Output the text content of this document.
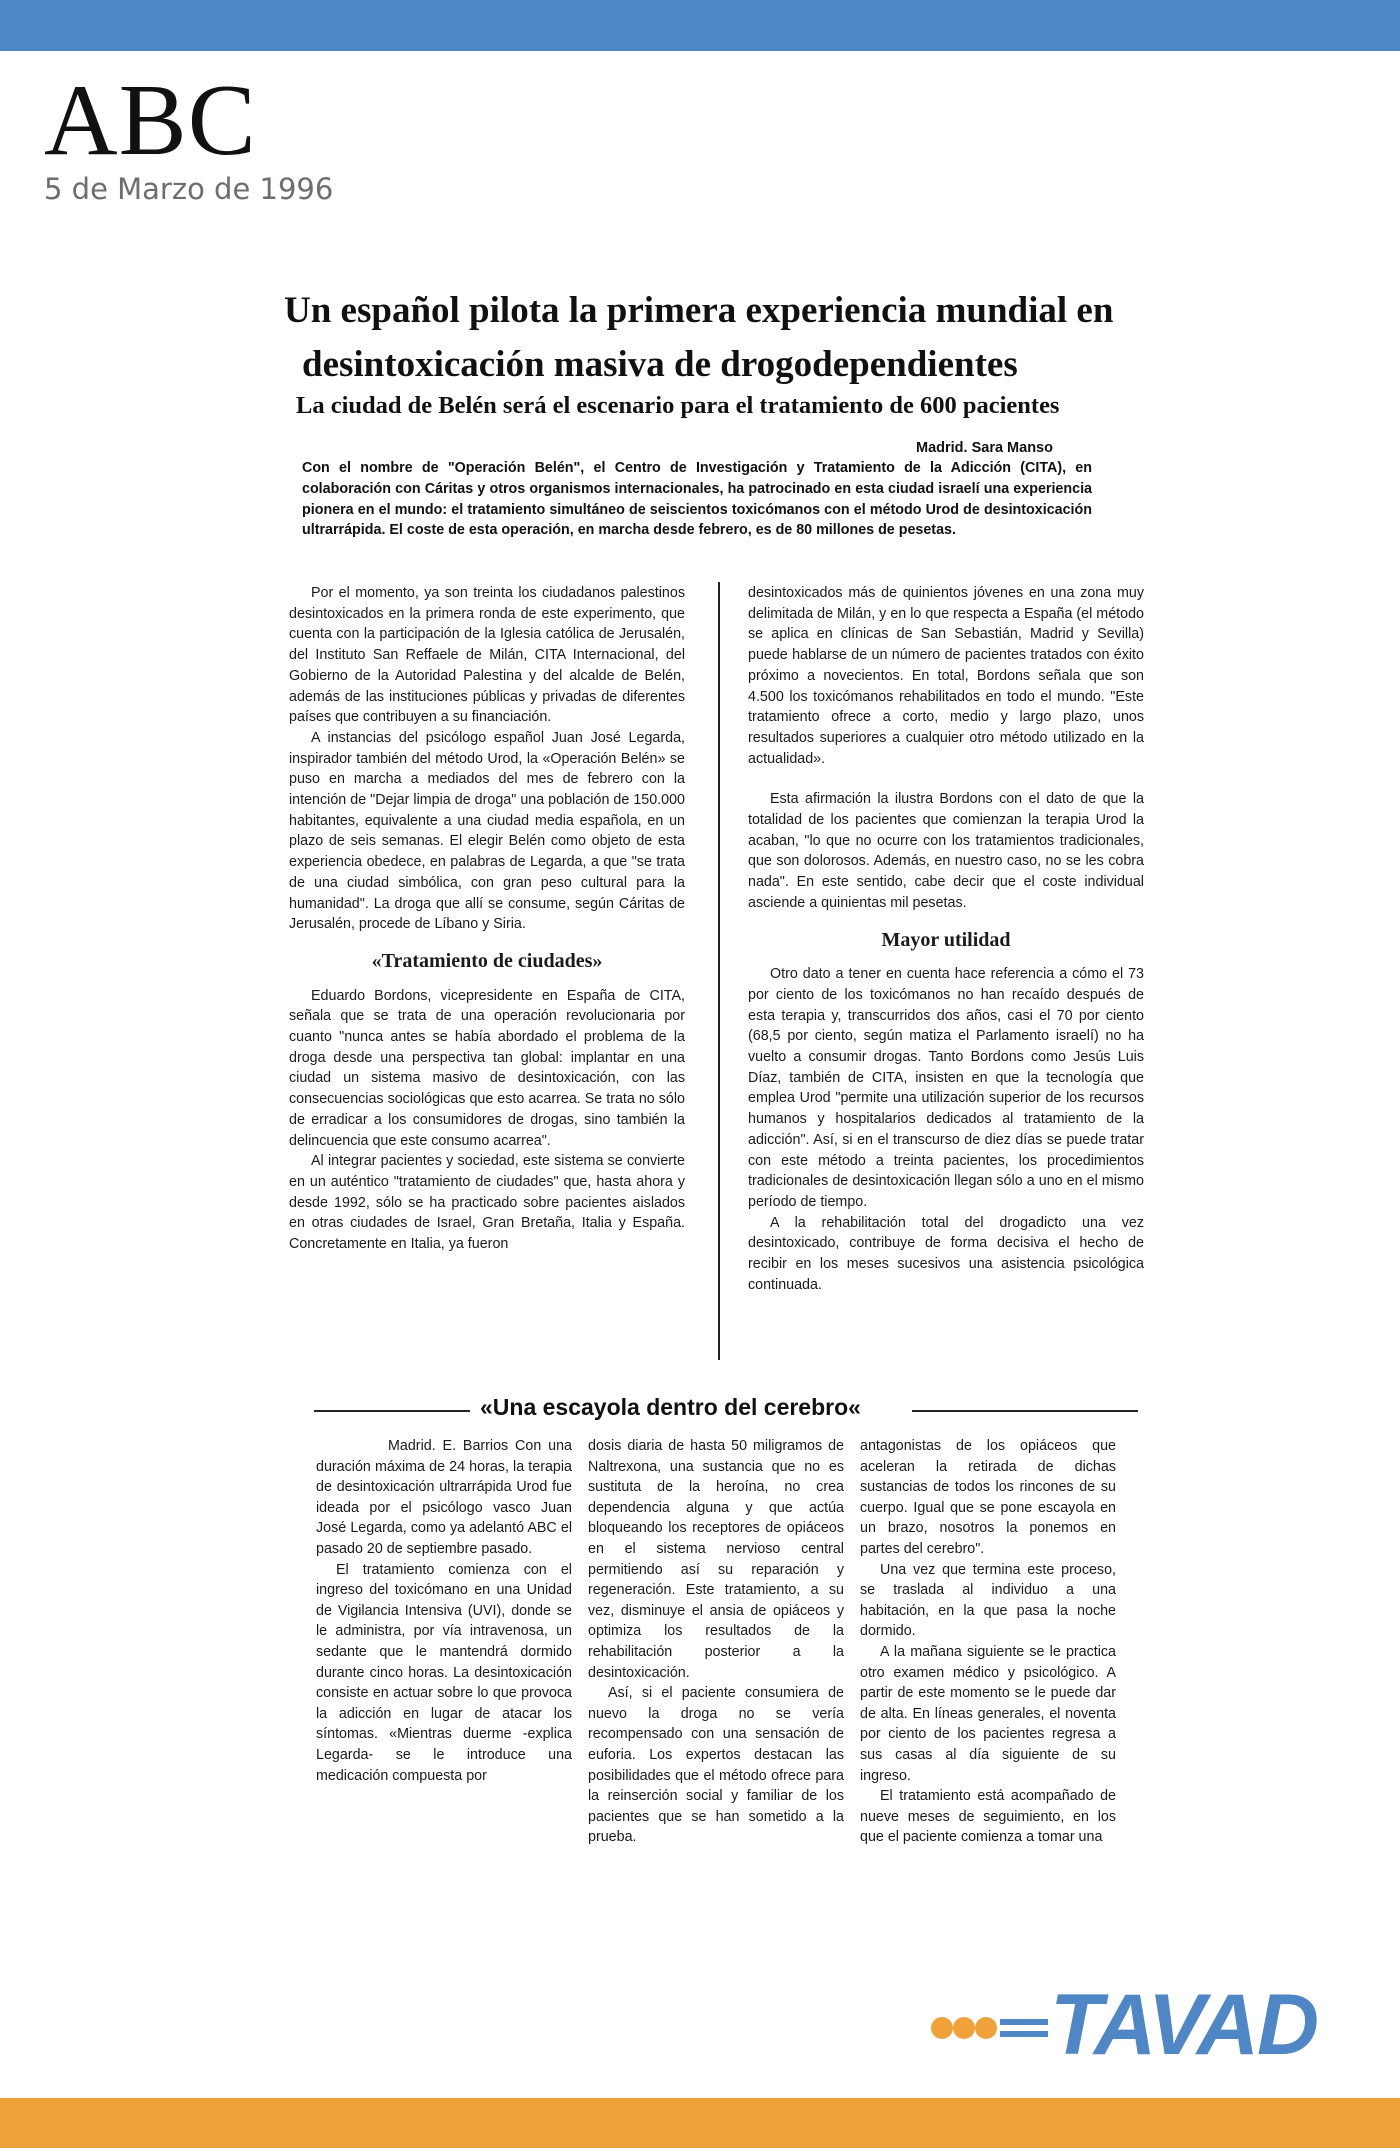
ABC
5 de Marzo de 1996
Un español pilota la primera experiencia mundial en
desintoxicación masiva de drogodependientes
La ciudad de Belén será el escenario para el tratamiento de 600 pacientes
Madrid. Sara Manso

Con el nombre de "Operación Belén", el Centro de Investigación y Tratamiento de la Adicción (CITA), en colaboración con Cáritas y otros organismos internacionales, ha patrocinado en esta ciudad israelí una experiencia pionera en el mundo: el tratamiento simultáneo de seiscientos toxicómanos con el método Urod de desintoxicación ultrarrápida. El coste de esta operación, en marcha desde febrero, es de 80 millones de pesetas.

Por el momento, ya son treinta los ciudadanos palestinos desintoxicados en la primera ronda de este experimento, que cuenta con la participación de la Iglesia católica de Jerusalén, del Instituto San Reffaele de Milán, CITA Internacional, del Gobierno de la Autoridad Palestina y del alcalde de Belén, además de las instituciones públicas y privadas de diferentes países que contribuyen a su financiación.

A instancias del psicólogo español Juan José Legarda, inspirador también del método Urod, la «Operación Belén» se puso en marcha a mediados del mes de febrero con la intención de "Dejar limpia de droga" una población de 150.000 habitantes, equivalente a una ciudad media española, en un plazo de seis semanas. El elegir Belén como objeto de esta experiencia obedece, en palabras de Legarda, a que "se trata de una ciudad simbólica, con gran peso cultural para la humanidad". La droga que allí se consume, según Cáritas de Jerusalén, procede de Líbano y Siria.

«Tratamiento de ciudades»

Eduardo Bordons, vicepresidente en España de CITA, señala que se trata de una operación revolucionaria por cuanto "nunca antes se había abordado el problema de la droga desde una perspectiva tan global: implantar en una ciudad un sistema masivo de desintoxicación, con las consecuencias sociológicas que esto acarrea. Se trata no sólo de erradicar a los consumidores de drogas, sino también la delincuencia que este consumo acarrea".

Al integrar pacientes y sociedad, este sistema se convierte en un auténtico "tratamiento de ciudades" que, hasta ahora y desde 1992, sólo se ha practicado sobre pacientes aislados en otras ciudades de Israel, Gran Bretaña, Italia y España. Concretamente en Italia, ya fueron

desintoxicados más de quinientos jóvenes en una zona muy delimitada de Milán, y en lo que respecta a España (el método se aplica en clínicas de San Sebastián, Madrid y Sevilla) puede hablarse de un número de pacientes tratados con éxito próximo a novecientos. En total, Bordons señala que son 4.500 los toxicómanos rehabilitados en todo el mundo. "Este tratamiento ofrece a corto, medio y largo plazo, unos resultados superiores a cualquier otro método utilizado en la actualidad».

Esta afirmación la ilustra Bordons con el dato de que la totalidad de los pacientes que comienzan la terapia Urod la acaban, "lo que no ocurre con los tratamientos tradicionales, que son dolorosos. Además, en nuestro caso, no se les cobra nada". En este sentido, cabe decir que el coste individual asciende a quinientas mil pesetas.

Mayor utilidad

Otro dato a tener en cuenta hace referencia a cómo el 73 por ciento de los toxicómanos no han recaído después de esta terapia y, transcurridos dos años, casi el 70 por ciento (68,5 por ciento, según matiza el Parlamento israelí) no ha vuelto a consumir drogas. Tanto Bordons como Jesús Luis Díaz, también de CITA, insisten en que la tecnología que emplea Urod "permite una utilización superior de los recursos humanos y hospitalarios dedicados al tratamiento de la adicción". Así, si en el transcurso de diez días se puede tratar con este método a treinta pacientes, los procedimientos tradicionales de desintoxicación llegan sólo a uno en el mismo período de tiempo.

A la rehabilitación total del drogadicto una vez desintoxicado, contribuye de forma decisiva el hecho de recibir en los meses sucesivos una asistencia psicológica continuada.

«Una escayola dentro del cerebro«

Madrid. E. Barrios Con una duración máxima de 24 horas, la terapia de desintoxicación ultrarrápida Urod fue ideada por el psicólogo vasco Juan José Legarda, como ya adelantó ABC el pasado 20 de septiembre pasado.

El tratamiento comienza con el ingreso del toxicómano en una Unidad de Vigilancia Intensiva (UVI), donde se le administra, por vía intravenosa, un sedante que le mantendrá dormido durante cinco horas. La desintoxicación consiste en actuar sobre lo que provoca la adicción en lugar de atacar los síntomas. «Mientras duerme -explica Legarda- se le introduce una medicación compuesta por

dosis diaria de hasta 50 miligramos de Naltrexona, una sustancia que no es sustituta de la heroína, no crea dependencia alguna y que actúa bloqueando los receptores de opiáceos en el sistema nervioso central permitiendo así su reparación y regeneración. Este tratamiento, a su vez, disminuye el ansia de opiáceos y optimiza los resultados de la rehabilitación posterior a la desintoxicación.

Así, si el paciente consumiera de nuevo la droga no se vería recompensado con una sensación de euforia. Los expertos destacan las posibilidades que el método ofrece para la reinserción social y familiar de los pacientes que se han sometido a la prueba.

antagonistas de los opiáceos que aceleran la retirada de dichas sustancias de todos los rincones de su cuerpo. Igual que se pone escayola en un brazo, nosotros la ponemos en partes del cerebro".

Una vez que termina este proceso, se traslada al individuo a una habitación, en la que pasa la noche dormido.

A la mañana siguiente se le practica otro examen médico y psicológico. A partir de este momento se le puede dar de alta. En líneas generales, el noventa por ciento de los pacientes regresa a sus casas al día siguiente de su ingreso.

El tratamiento está acompañado de nueve meses de seguimiento, en los que el paciente comienza a tomar una

TAVAD
